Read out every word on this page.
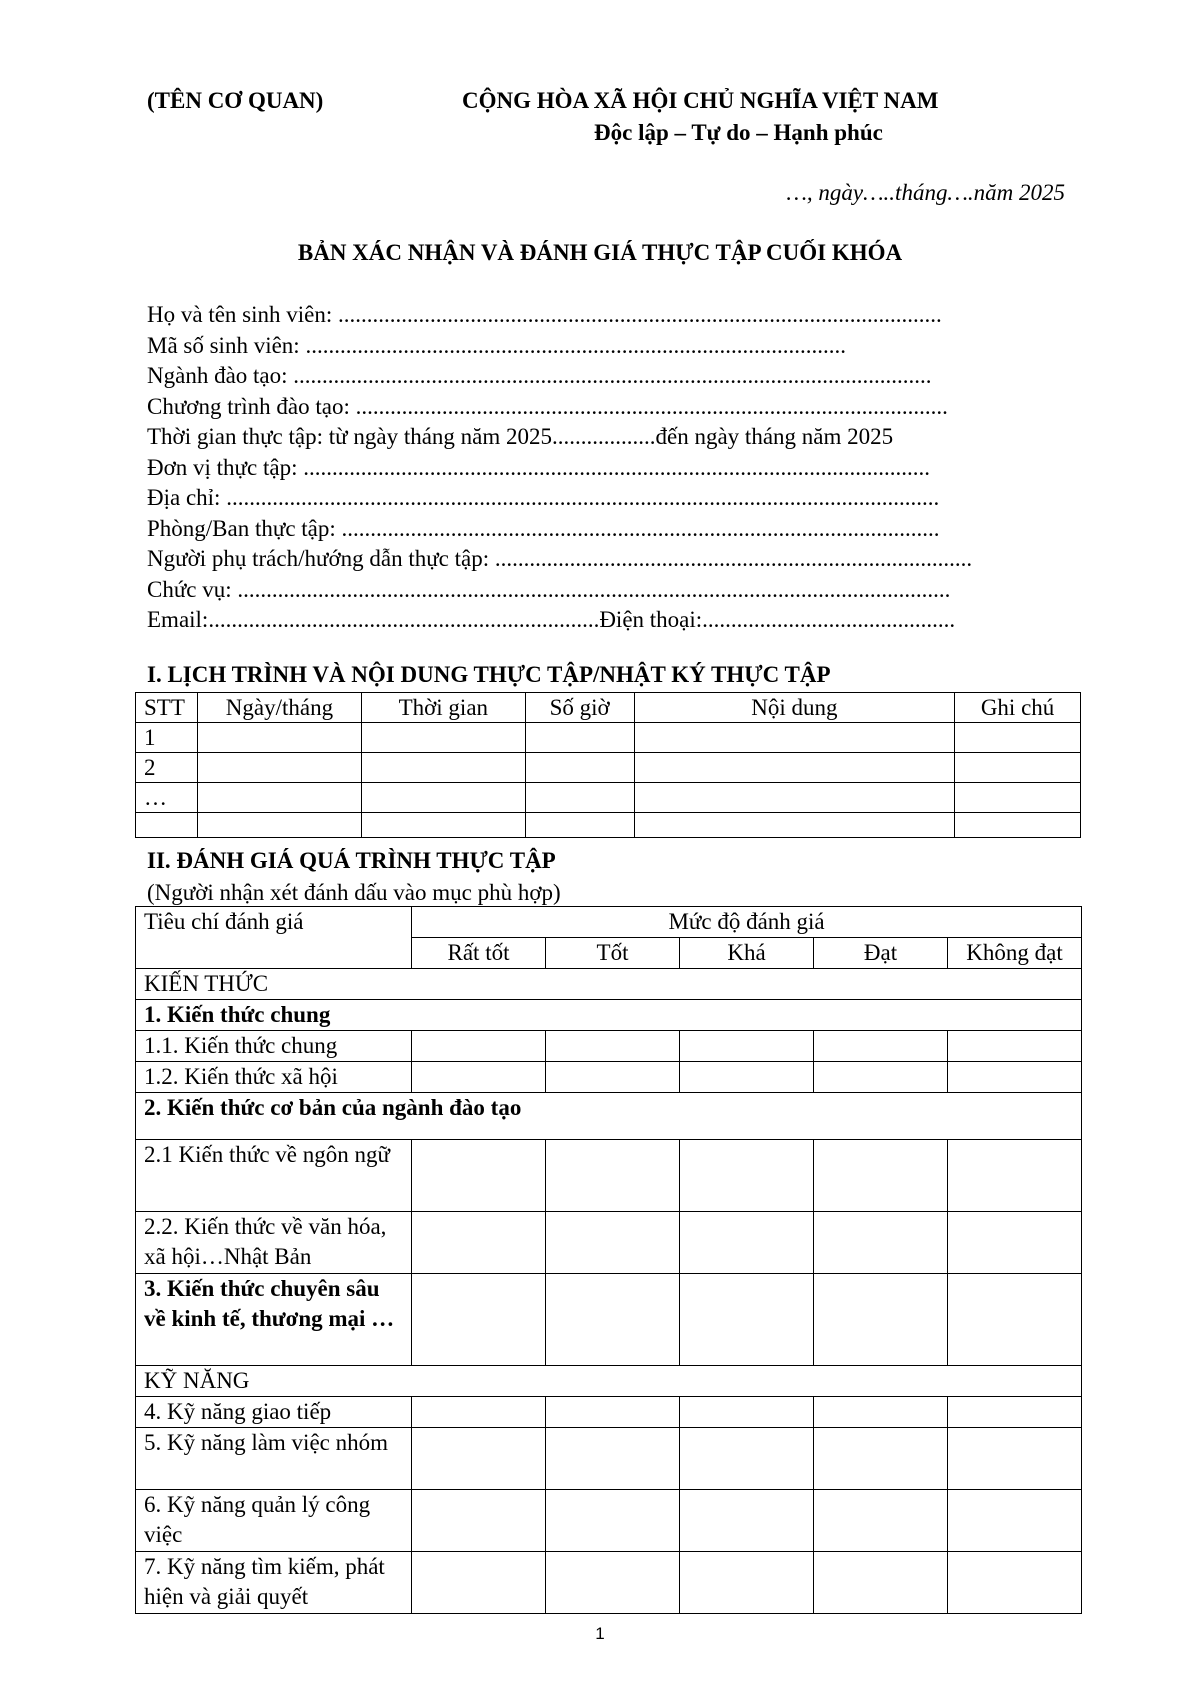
(TÊN CƠ QUAN)	CỘNG HÒA XÃ HỘI CHỦ NGHĨA VIỆT NAM
Độc lập – Tự do – Hạnh phúc
…, ngày…..tháng….năm 2025
BẢN XÁC NHẬN VÀ ĐÁNH GIÁ THỰC TẬP CUỐI KHÓA
Họ và tên sinh viên: .........................................................................................................
Mã số sinh viên: ..............................................................................................
Ngành đào tạo: ...............................................................................................................
Chương trình đào tạo: .......................................................................................................
Thời gian thực tập: từ ngày tháng năm 2025..................đến ngày tháng năm 2025
Đơn vị thực tập: .............................................................................................................
Địa chỉ: ............................................................................................................................
Phòng/Ban thực tập: ........................................................................................................
Người phụ trách/hướng dẫn thực tập: ...................................................................................
Chức vụ: ............................................................................................................................
Email:....................................................................Điện thoại:............................................
I. LỊCH TRÌNH VÀ NỘI DUNG THỰC TẬP/NHẬT KÝ THỰC TẬP
STT	Ngày/tháng	Thời gian	Số giờ	Nội dung	Ghi chú
1					
2					
…					

II. ĐÁNH GIÁ QUÁ TRÌNH THỰC TẬP
(Người nhận xét đánh dấu vào mục phù hợp)
Tiêu chí đánh giá	Mức độ đánh giá				
	Rất tốt	Tốt	Khá	Đạt	Không đạt
KIẾN THỨC					
1. Kiến thức chung					
1.1. Kiến thức chung					
1.2. Kiến thức xã hội					
2. Kiến thức cơ bản của ngành đào tạo					
2.1 Kiến thức về ngôn ngữ					
2.2. Kiến thức về văn hóa, xã hội…Nhật Bản					
3. Kiến thức chuyên sâu về kinh tế, thương mại …					
KỸ NĂNG					
4. Kỹ năng giao tiếp					
5. Kỹ năng làm việc nhóm					
6. Kỹ năng quản lý công việc					
7. Kỹ năng tìm kiếm, phát hiện và giải quyết					
1
